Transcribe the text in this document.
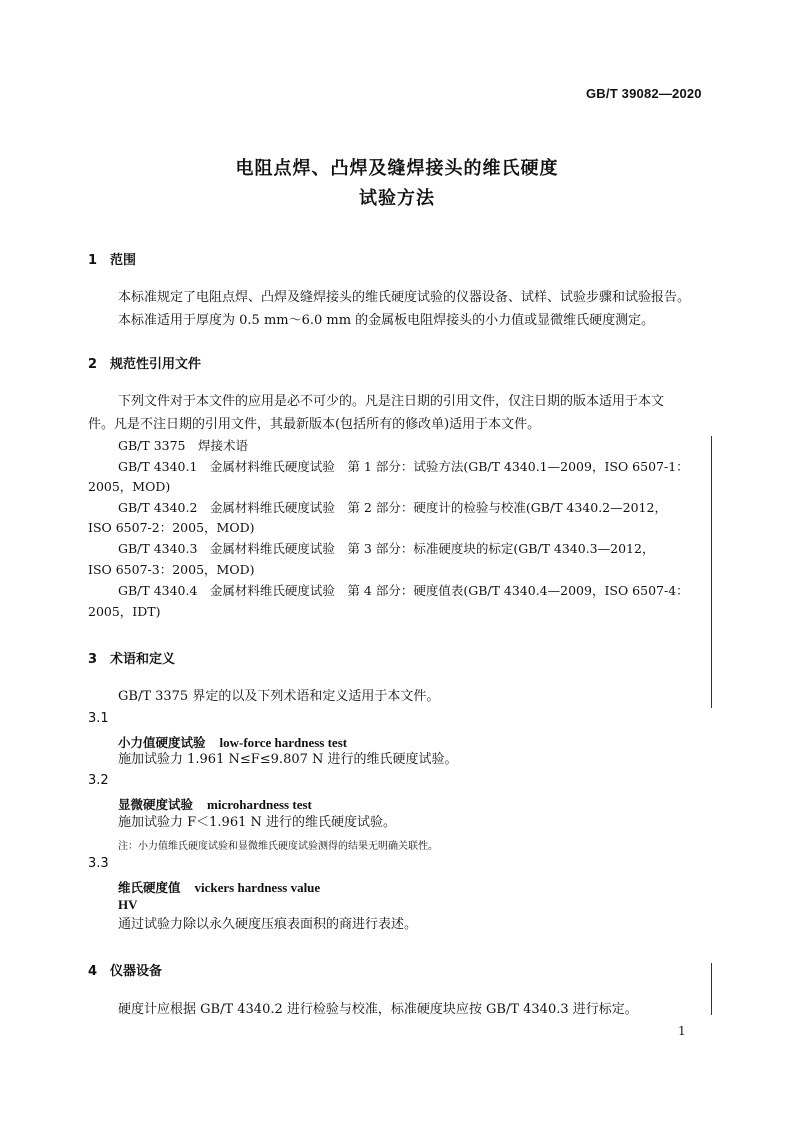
GB/T 39082—2020
电阻点焊、凸焊及缝焊接头的维氏硬度
试验方法
1 范围
本标准规定了电阻点焊、凸焊及缝焊接头的维氏硬度试验的仪器设备、试样、试验步骤和试验报告。
本标准适用于厚度为 0.5 mm～6.0 mm 的金属板电阻焊接头的小力值或显微维氏硬度测定。
2 规范性引用文件
下列文件对于本文件的应用是必不可少的。凡是注日期的引用文件，仅注日期的版本适用于本文
件。凡是不注日期的引用文件，其最新版本(包括所有的修改单)适用于本文件。
GB/T 3375　焊接术语
GB/T 4340.1　金属材料维氏硬度试验　第 1 部分：试验方法(GB/T 4340.1—2009，ISO 6507-1：
2005，MOD)
GB/T 4340.2　金属材料维氏硬度试验　第 2 部分：硬度计的检验与校准(GB/T 4340.2—2012，
ISO 6507-2：2005，MOD)
GB/T 4340.3　金属材料维氏硬度试验　第 3 部分：标准硬度块的标定(GB/T 4340.3—2012，
ISO 6507-3：2005，MOD)
GB/T 4340.4　金属材料维氏硬度试验　第 4 部分：硬度值表(GB/T 4340.4—2009，ISO 6507-4：
2005，IDT)
3 术语和定义
GB/T 3375 界定的以及下列术语和定义适用于本文件。
3.1
小力值硬度试验 low-force hardness test
施加试验力 1.961 N≤F≤9.807 N 进行的维氏硬度试验。
3.2
显微硬度试验 microhardness test
施加试验力 F＜1.961 N 进行的维氏硬度试验。
注：小力值维氏硬度试验和显微维氏硬度试验测得的结果无明确关联性。
3.3
维氏硬度值 vickers hardness value
HV
通过试验力除以永久硬度压痕表面积的商进行表述。
4 仪器设备
硬度计应根据 GB/T 4340.2 进行检验与校准，标准硬度块应按 GB/T 4340.3 进行标定。
1
